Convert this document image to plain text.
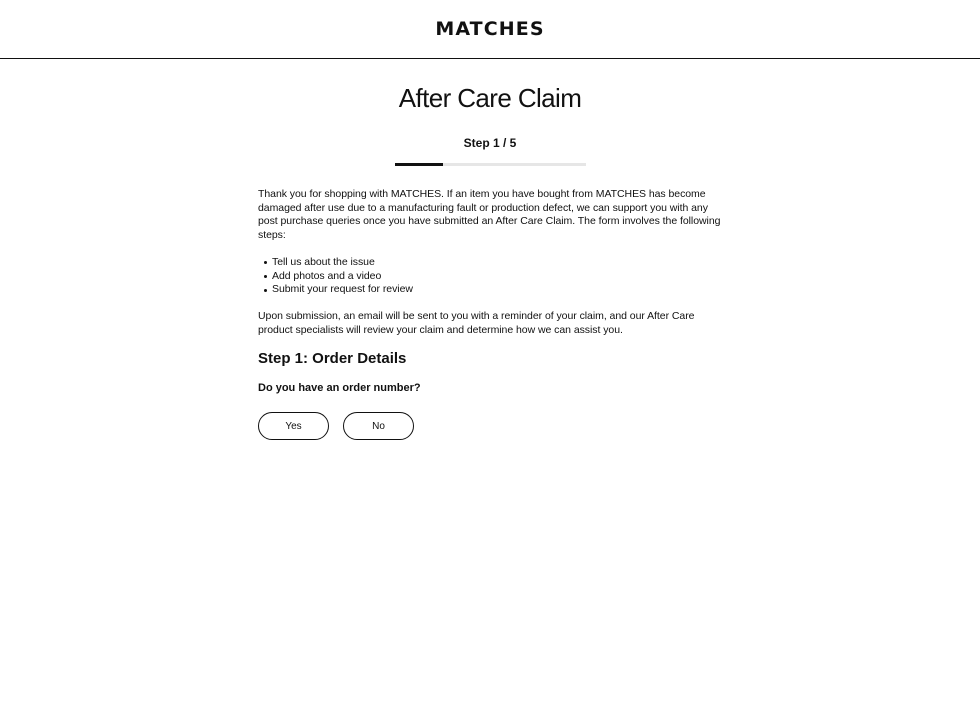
MATCHES
After Care Claim
Step 1 / 5

Thank you for shopping with MATCHES. If an item you have bought from MATCHES has become damaged after use due to a manufacturing fault or production defect, we can support you with any post purchase queries once you have submitted an After Care Claim. The form involves the following steps:

Tell us about the issue
Add photos and a video
Submit your request for review

Upon submission, an email will be sent to you with a reminder of your claim, and our After Care product specialists will review your claim and determine how we can assist you.

Step 1: Order Details
Do you have an order number?
Yes	No
